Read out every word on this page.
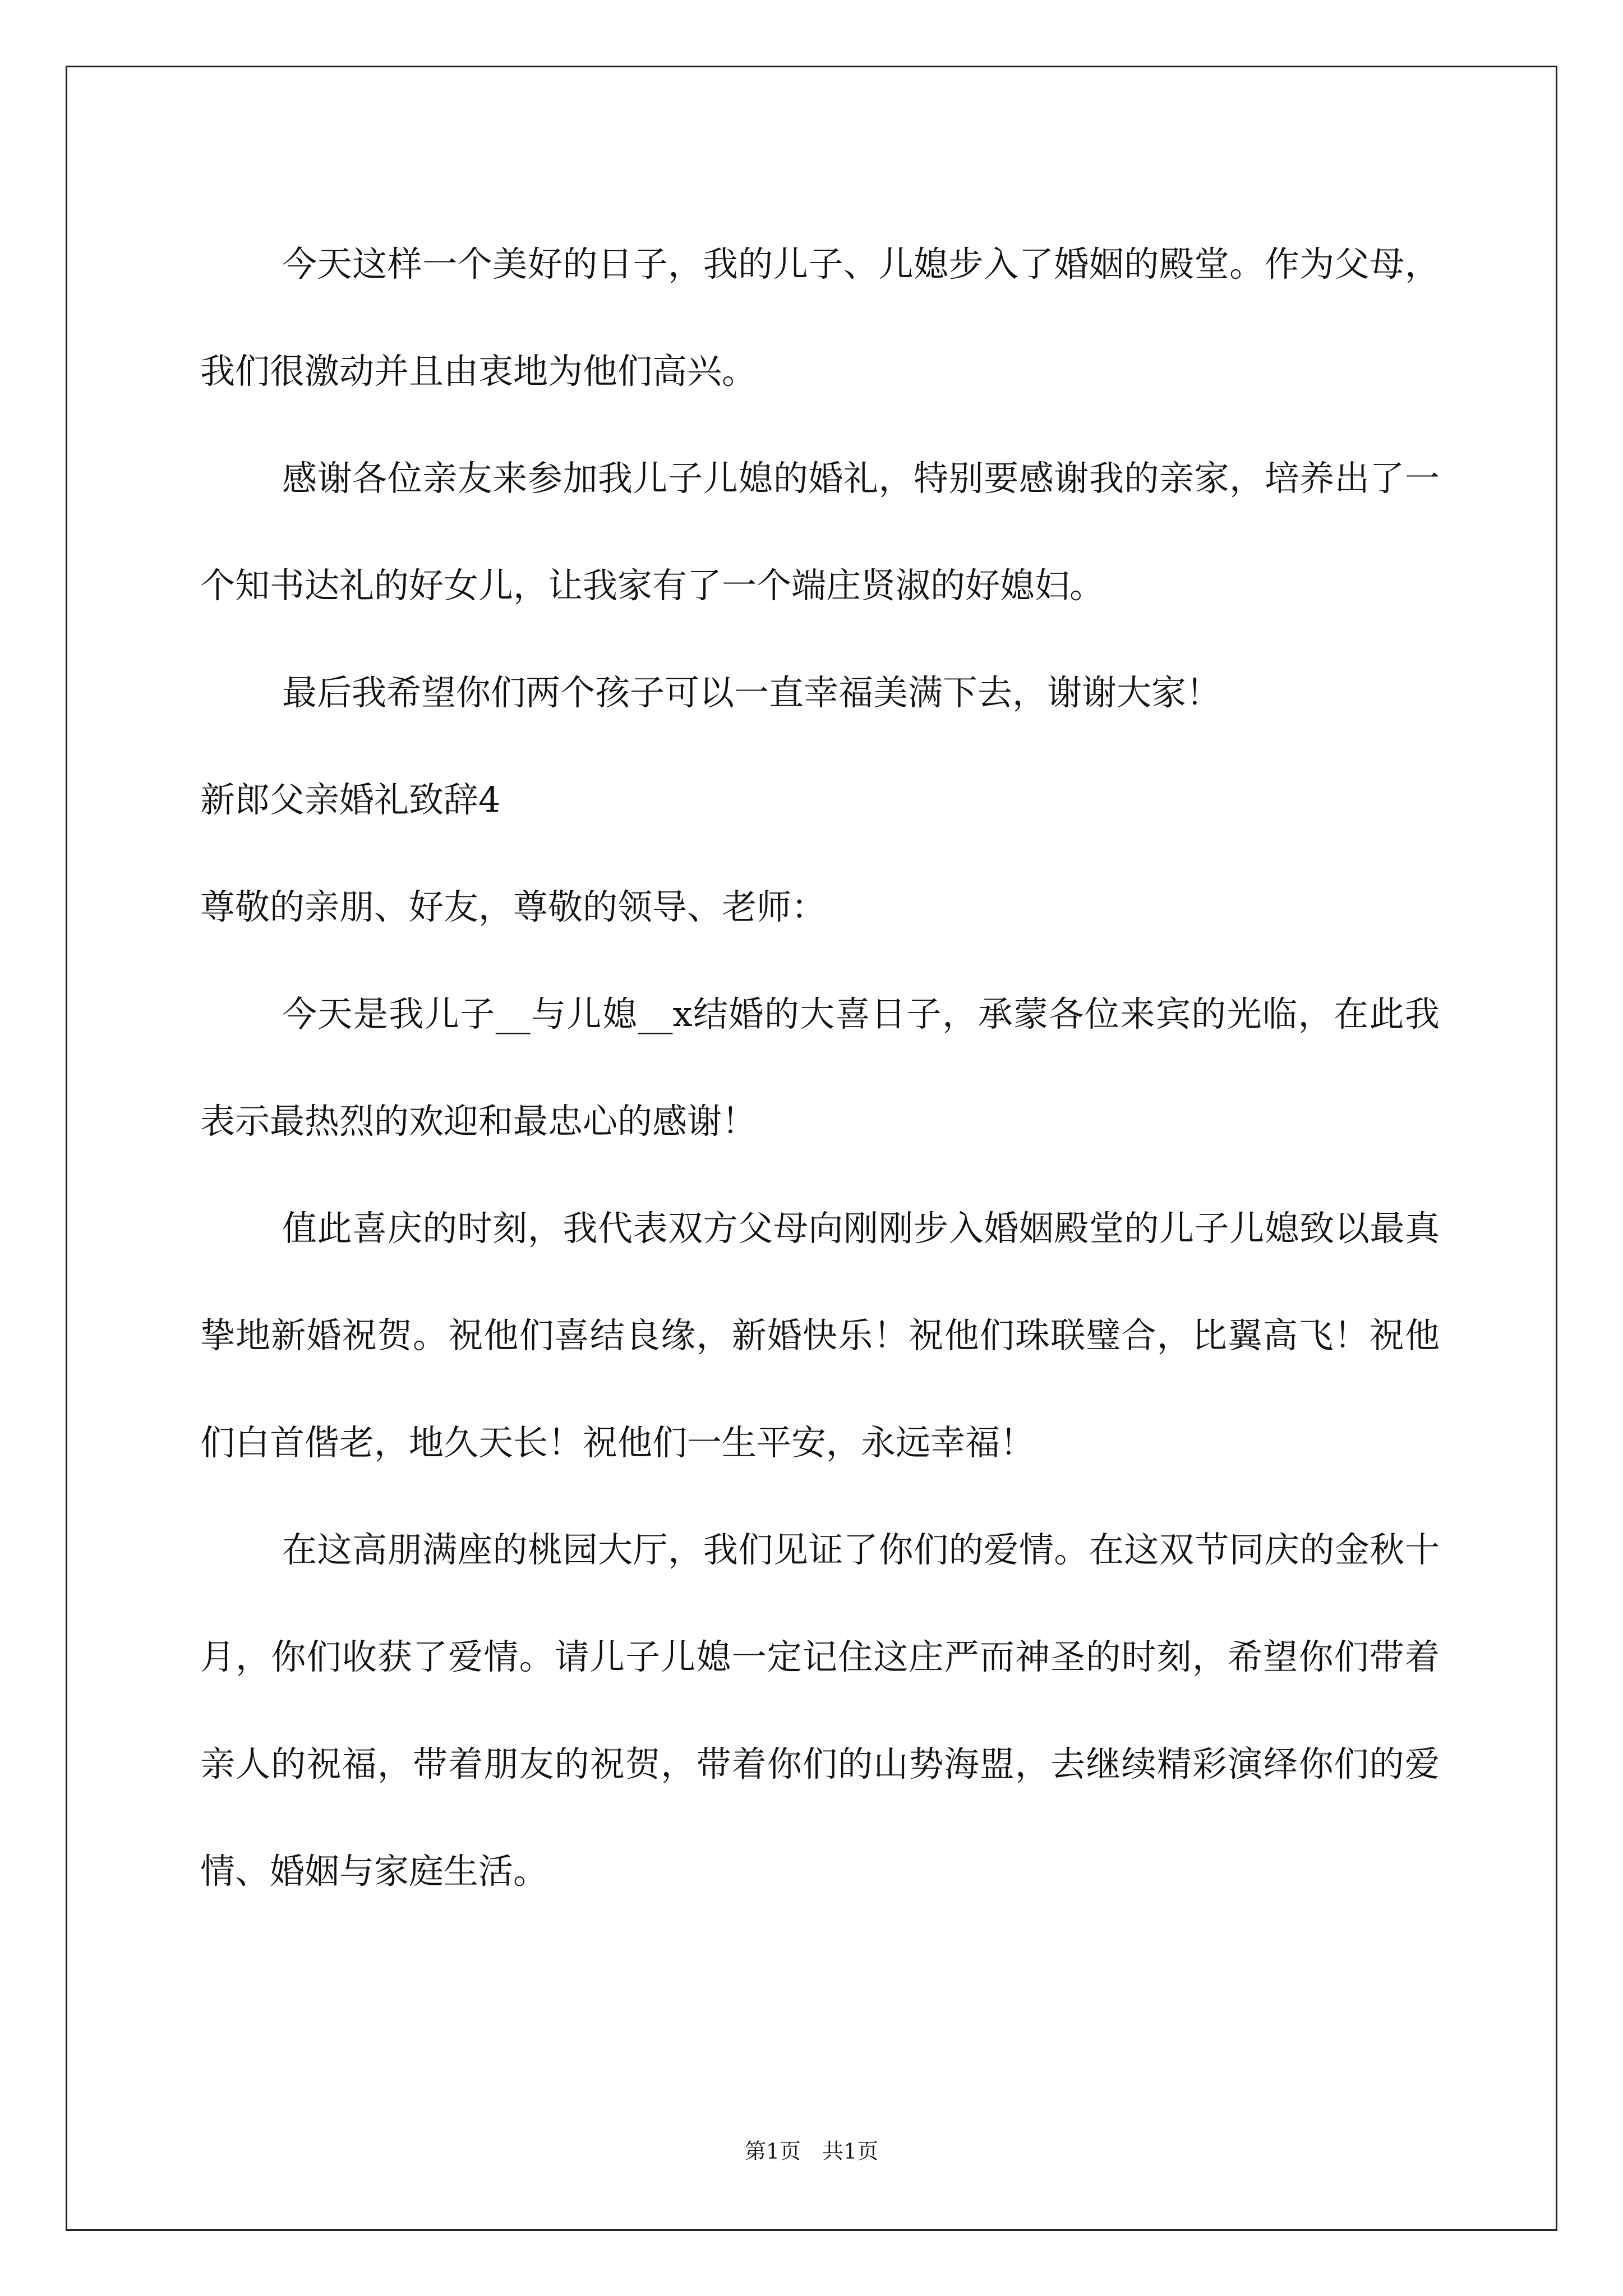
今天这样一个美好的日子，我的儿子、儿媳步入了婚姻的殿堂。作为父母，我们很激动并且由衷地为他们高兴。

感谢各位亲友来参加我儿子儿媳的婚礼，特别要感谢我的亲家，培养出了一个知书达礼的好女儿，让我家有了一个端庄贤淑的好媳妇。

最后我希望你们两个孩子可以一直幸福美满下去，谢谢大家！

新郎父亲婚礼致辞4

尊敬的亲朋、好友，尊敬的领导、老师：

今天是我儿子__与儿媳__x结婚的大喜日子，承蒙各位来宾的光临，在此我表示最热烈的欢迎和最忠心的感谢！

值此喜庆的时刻，我代表双方父母向刚刚步入婚姻殿堂的儿子儿媳致以最真挚地新婚祝贺。祝他们喜结良缘，新婚快乐！祝他们珠联璧合，比翼高飞！祝他们白首偕老，地久天长！祝他们一生平安，永远幸福！

在这高朋满座的桃园大厅，我们见证了你们的爱情。在这双节同庆的金秋十月，你们收获了爱情。请儿子儿媳一定记住这庄严而神圣的时刻，希望你们带着亲人的祝福，带着朋友的祝贺，带着你们的山势海盟，去继续精彩演绎你们的爱情、婚姻与家庭生活。

第1页　共1页
